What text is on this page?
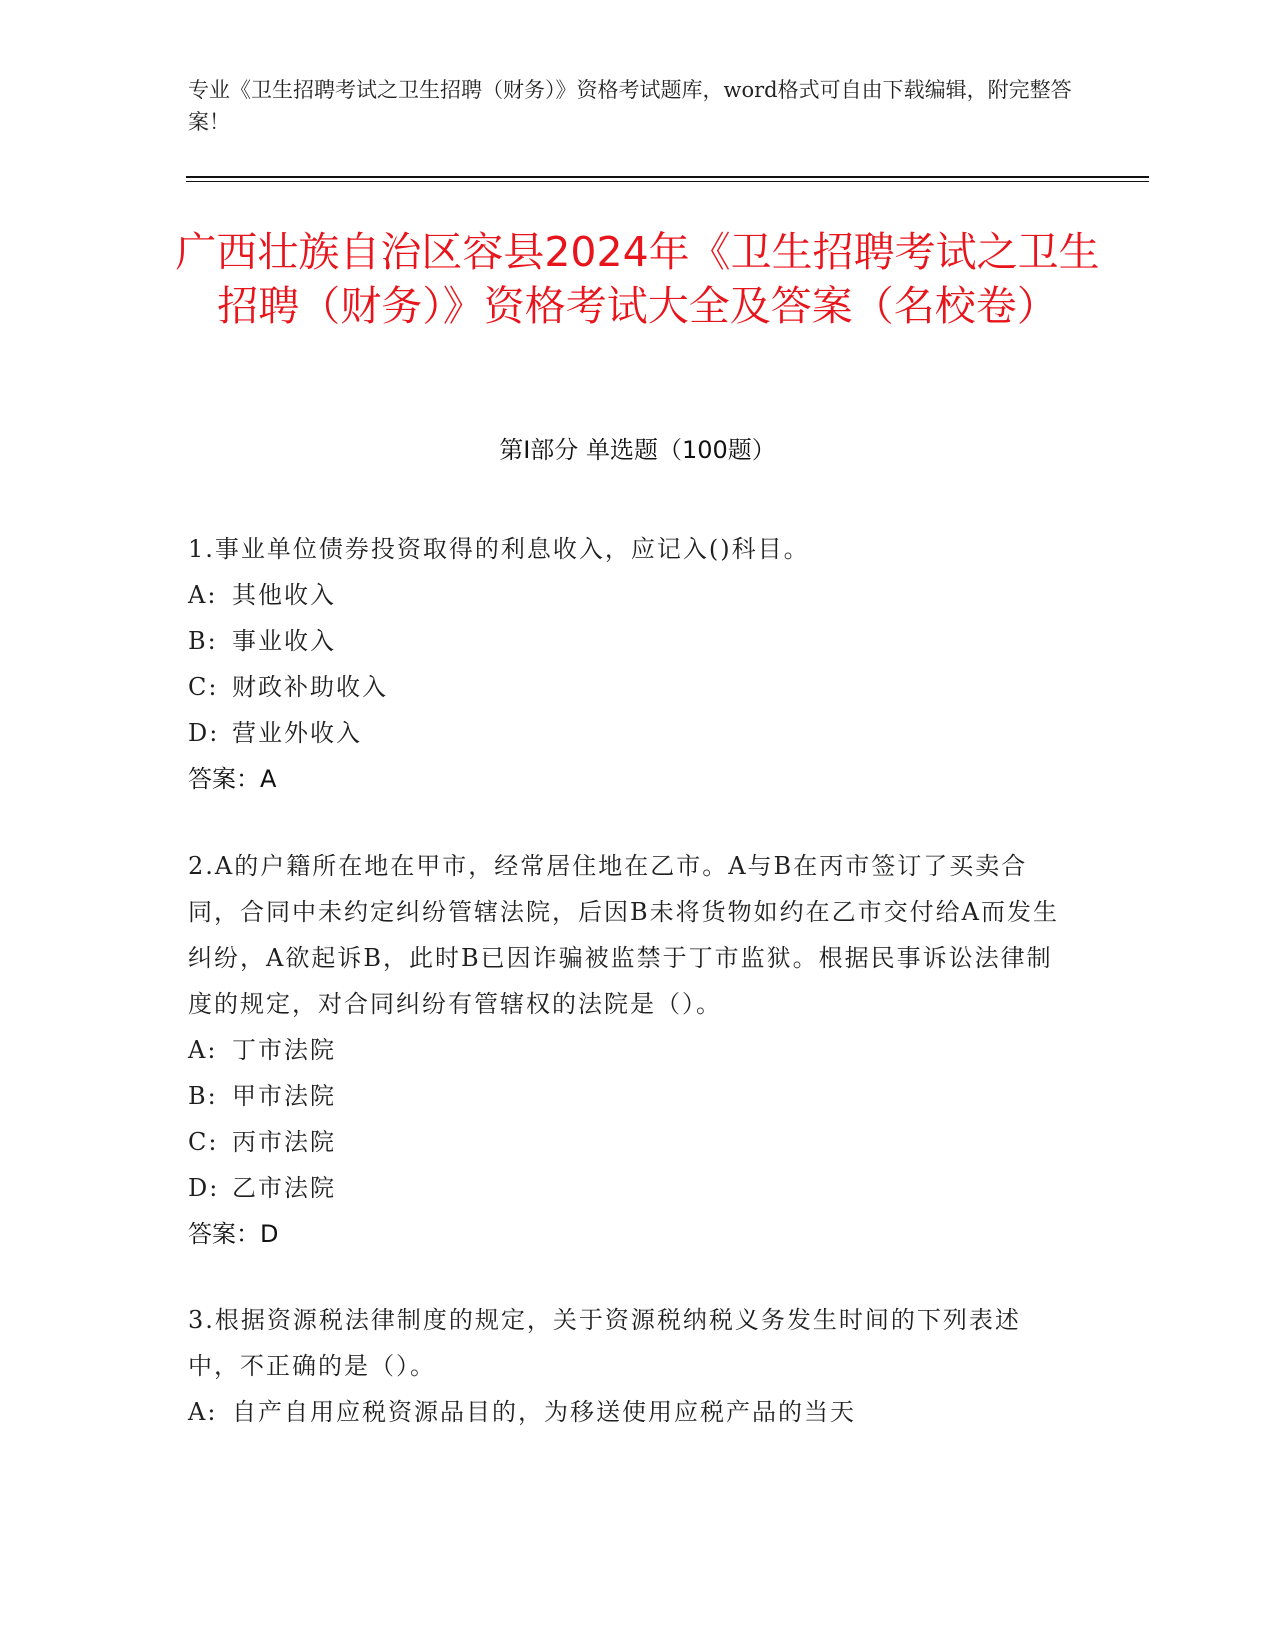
专业《卫生招聘考试之卫生招聘（财务）》资格考试题库，word格式可自由下载编辑，附完整答案！
广西壮族自治区容县2024年《卫生招聘考试之卫生招聘（财务）》资格考试大全及答案（名校卷）
第I部分 单选题（100题）
1.事业单位债券投资取得的利息收入，应记入()科目。
A: 其他收入
B: 事业收入
C: 财政补助收入
D: 营业外收入
答案：A
2.A的户籍所在地在甲市，经常居住地在乙市。A与B在丙市签订了买卖合同，合同中未约定纠纷管辖法院，后因B未将货物如约在乙市交付给A而发生纠纷，A欲起诉B，此时B已因诈骗被监禁于丁市监狱。根据民事诉讼法律制度的规定，对合同纠纷有管辖权的法院是（）。
A: 丁市法院
B: 甲市法院
C: 丙市法院
D: 乙市法院
答案：D
3.根据资源税法律制度的规定，关于资源税纳税义务发生时间的下列表述中，不正确的是（）。
A: 自产自用应税资源品目的，为移送使用应税产品的当天
